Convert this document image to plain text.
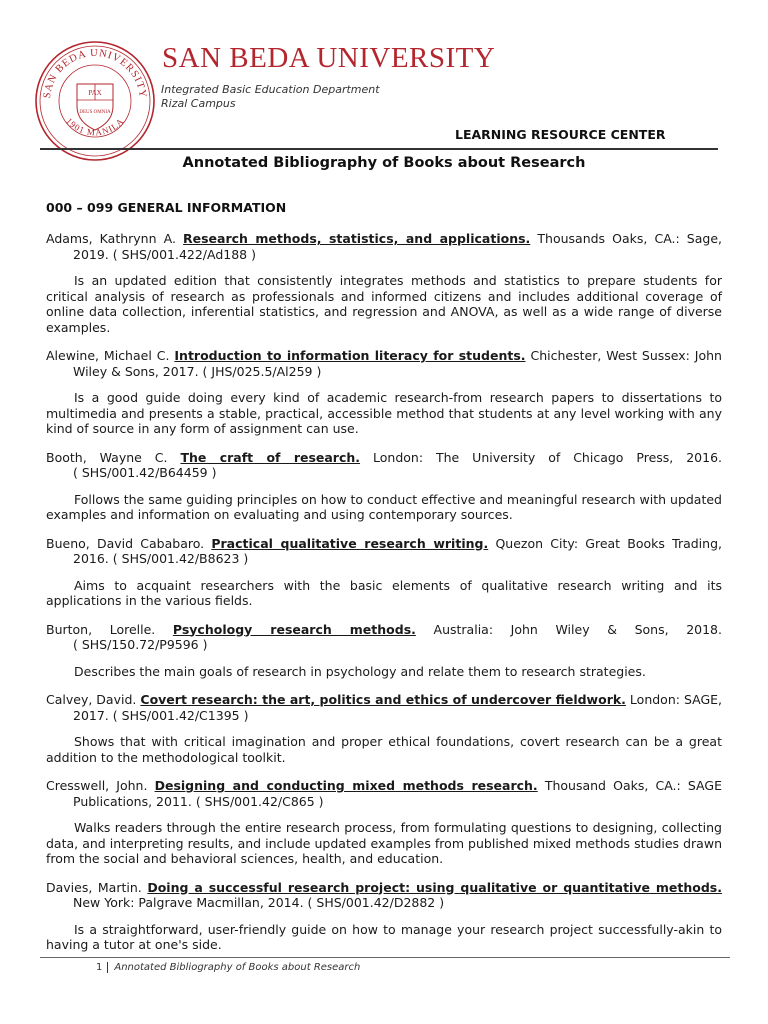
SAN BEDA UNIVERSITY
1901 MANILA
PAX
DEUS OMNIA
SAN BEDA UNIVERSITY
Integrated Basic Education Department
Rizal Campus
LEARNING RESOURCE CENTER
Annotated Bibliography of Books about Research
000 – 099 GENERAL INFORMATION

Adams, Kathrynn A. Research methods, statistics, and applications. Thousands Oaks, CA.: Sage, 2019. ( SHS/001.422/Ad188 )

Is an updated edition that consistently integrates methods and statistics to prepare students for critical analysis of research as professionals and informed citizens and includes additional coverage of online data collection, inferential statistics, and regression and ANOVA, as well as a wide range of diverse examples.

Alewine, Michael C. Introduction to information literacy for students. Chichester, West Sussex: John Wiley & Sons, 2017. ( JHS/025.5/Al259 )

Is a good guide doing every kind of academic research-from research papers to dissertations to multimedia and presents a stable, practical, accessible method that students at any level working with any kind of source in any form of assignment can use.

Booth, Wayne C. The craft of research. London: The University of Chicago Press, 2016. ( SHS/001.42/B64459 )

Follows the same guiding principles on how to conduct effective and meaningful research with updated examples and information on evaluating and using contemporary sources.

Bueno, David Cababaro. Practical qualitative research writing. Quezon City: Great Books Trading, 2016. ( SHS/001.42/B8623 )

Aims to acquaint researchers with the basic elements of qualitative research writing and its applications in the various fields.

Burton, Lorelle. Psychology research methods. Australia: John Wiley & Sons, 2018. ( SHS/150.72/P9596 )

Describes the main goals of research in psychology and relate them to research strategies.

Calvey, David. Covert research: the art, politics and ethics of undercover fieldwork. London: SAGE, 2017. ( SHS/001.42/C1395 )

Shows that with critical imagination and proper ethical foundations, covert research can be a great addition to the methodological toolkit.

Cresswell, John. Designing and conducting mixed methods research. Thousand Oaks, CA.: SAGE Publications, 2011. ( SHS/001.42/C865 )

Walks readers through the entire research process, from formulating questions to designing, collecting data, and interpreting results, and include updated examples from published mixed methods studies drawn from the social and behavioral sciences, health, and education.

Davies, Martin. Doing a successful research project: using qualitative or quantitative methods. New York: Palgrave Macmillan, 2014. ( SHS/001.42/D2882 )

Is a straightforward, user-friendly guide on how to manage your research project successfully-akin to having a tutor at one's side.

1 Annotated Bibliography of Books about Research
